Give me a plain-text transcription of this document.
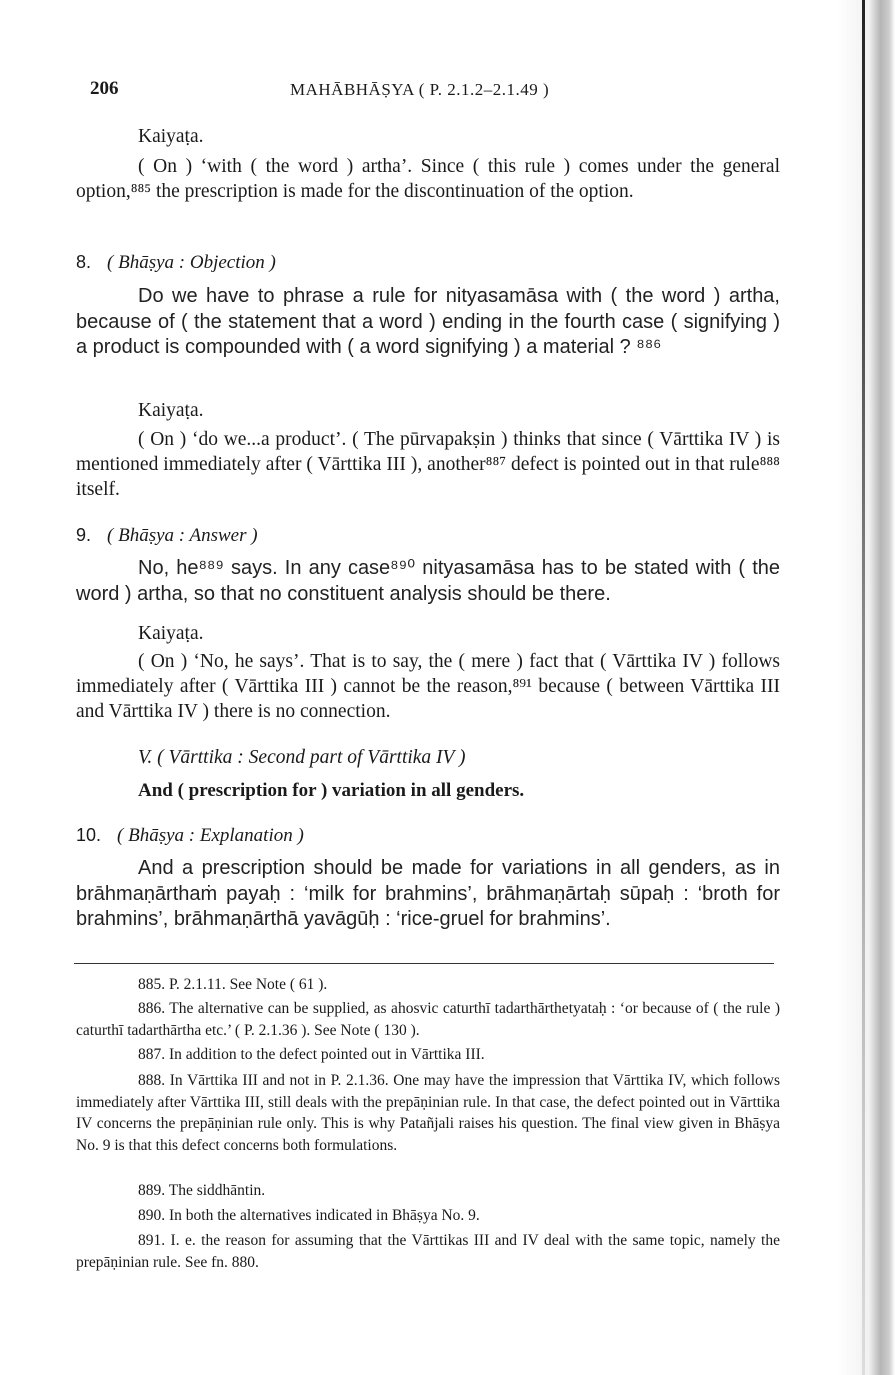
206	MAHĀBHĀṢYA ( P. 2.1.2–2.1.49 )
Kaiyaṭa.
( On ) ‘with ( the word ) artha’. Since ( this rule ) comes under the general option,⁸⁸⁵ the prescription is made for the discontinuation of the option.
8. ( Bhāṣya : Objection )
Do we have to phrase a rule for nityasamāsa with ( the word ) artha, because of ( the statement that a word ) ending in the fourth case ( signifying ) a product is compounded with ( a word signifying ) a material ? ⁸⁸⁶
Kaiyaṭa.
( On ) ‘do we...a product’. ( The pūrvapakṣin ) thinks that since ( Vārttika IV ) is mentioned immediately after ( Vārttika III ), another⁸⁸⁷ defect is pointed out in that rule⁸⁸⁸ itself.
9. ( Bhāṣya : Answer )
No, he⁸⁸⁹ says. In any case⁸⁹⁰ nityasamāsa has to be stated with ( the word ) artha, so that no constituent analysis should be there.
Kaiyaṭa.
( On ) ‘No, he says’. That is to say, the ( mere ) fact that ( Vārttika IV ) follows immediately after ( Vārttika III ) cannot be the reason,⁸⁹¹ because ( between Vārttika III and Vārttika IV ) there is no connection.
V. ( Vārttika : Second part of Vārttika IV )
And ( prescription for ) variation in all genders.
10. ( Bhāṣya : Explanation )
And a prescription should be made for variations in all genders, as in brāhmaṇārthaṁ payaḥ : ‘milk for brahmins’, brāhmaṇārtaḥ sūpaḥ : ‘broth for brahmins’, brāhmaṇārthā yavāgūḥ : ‘rice-gruel for brahmins’.
885. P. 2.1.11. See Note ( 61 ).
886. The alternative can be supplied, as ahosvic caturthī tadarthārthetyataḥ : ‘or because of ( the rule ) caturthī tadarthārtha etc.’ ( P. 2.1.36 ). See Note ( 130 ).
887. In addition to the defect pointed out in Vārttika III.
888. In Vārttika III and not in P. 2.1.36. One may have the impression that Vārttika IV, which follows immediately after Vārttika III, still deals with the prepāṇinian rule. In that case, the defect pointed out in Vārttika IV concerns the prepāṇinian rule only. This is why Patañjali raises his question. The final view given in Bhāṣya No. 9 is that this defect concerns both formulations.
889. The siddhāntin.
890. In both the alternatives indicated in Bhāṣya No. 9.
891. I. e. the reason for assuming that the Vārttikas III and IV deal with the same topic, namely the prepāṇinian rule. See fn. 880.
